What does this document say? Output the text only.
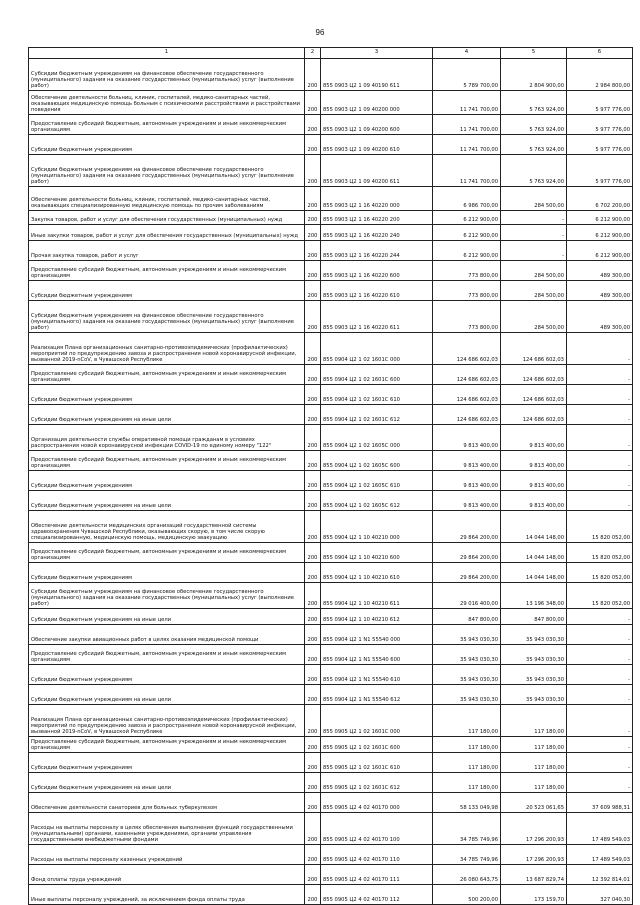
96
1	2	3	4	5	6
Субсидии бюджетным учреждениям на финансовое обеспечение государственного (муниципального) задания на оказание государственных (муниципальных) услуг (выполнение работ)	200	855 0903 Ц2 1 09 40190 611	5 789 700,00	2 804 900,00	2 984 800,00
Обеспечение деятельности больниц, клиник, госпиталей, медико-санитарных частей, оказывающих медицинскую помощь больным с психическими расстройствами и расстройствами поведения	200	855 0903 Ц2 1 09 40200 000	11 741 700,00	5 763 924,00	5 977 776,00
Предоставление субсидий бюджетным, автономным учреждениям и иным некоммерческим организациям	200	855 0903 Ц2 1 09 40200 600	11 741 700,00	5 763 924,00	5 977 776,00
Субсидии бюджетным учреждениям	200	855 0903 Ц2 1 09 40200 610	11 741 700,00	5 763 924,00	5 977 776,00
Субсидии бюджетным учреждениям на финансовое обеспечение государственного (муниципального) задания на оказание государственных (муниципальных) услуг (выполнение работ)	200	855 0903 Ц2 1 09 40200 611	11 741 700,00	5 763 924,00	5 977 776,00
Обеспечение деятельности больниц, клиник, госпиталей, медико-санитарных частей, оказывающих специализированную медицинскую помощь по прочим заболеваниям	200	855 0903 Ц2 1 16 40220 000	6 986 700,00	284 500,00	6 702 200,00
Закупка товаров, работ и услуг для обеспечения государственных (муниципальных) нужд	200	855 0903 Ц2 1 16 40220 200	6 212 900,00	-	6 212 900,00
Иные закупки товаров, работ и услуг для обеспечения государственных (муниципальных) нужд	200	855 0903 Ц2 1 16 40220 240	6 212 900,00	-	6 212 900,00
Прочая закупка товаров, работ и услуг	200	855 0903 Ц2 1 16 40220 244	6 212 900,00	-	6 212 900,00
Предоставление субсидий бюджетным, автономным учреждениям и иным некоммерческим организациям	200	855 0903 Ц2 1 16 40220 600	773 800,00	284 500,00	489 300,00
Субсидии бюджетным учреждениям	200	855 0903 Ц2 1 16 40220 610	773 800,00	284 500,00	489 300,00
Субсидии бюджетным учреждениям на финансовое обеспечение государственного (муниципального) задания на оказание государственных (муниципальных) услуг (выполнение работ)	200	855 0903 Ц2 1 16 40220 611	773 800,00	284 500,00	489 300,00
Реализация Плана организационных санитарно-противоэпидемических (профилактических) мероприятий по предупреждению завоза и распространения новой коронавирусной инфекции, вызванной 2019-nCoV, в Чувашской Республике	200	855 0904 Ц2 1 02 1601С 000	124 686 602,03	124 686 602,03	-
Предоставление субсидий бюджетным, автономным учреждениям и иным некоммерческим организациям	200	855 0904 Ц2 1 02 1601С 600	124 686 602,03	124 686 602,03	-
Субсидии бюджетным учреждениям	200	855 0904 Ц2 1 02 1601С 610	124 686 602,03	124 686 602,03	-
Субсидии бюджетным учреждениям на иные цели	200	855 0904 Ц2 1 02 1601С 612	124 686 602,03	124 686 602,03	-
Организация деятельности службы оперативной помощи гражданам в условиях распространения новой коронавирусной инфекции COVID-19 по единому номеру "122"	200	855 0904 Ц2 1 02 1605С 000	9 813 400,00	9 813 400,00	-
Предоставление субсидий бюджетным, автономным учреждениям и иным некоммерческим организациям	200	855 0904 Ц2 1 02 1605С 600	9 813 400,00	9 813 400,00	-
Субсидии бюджетным учреждениям	200	855 0904 Ц2 1 02 1605С 610	9 813 400,00	9 813 400,00	-
Субсидии бюджетным учреждениям на иные цели	200	855 0904 Ц2 1 02 1605С 612	9 813 400,00	9 813 400,00	-
Обеспечение деятельности медицинских организаций государственной системы здравоохранения Чувашской Республики, оказывающих скорую, в том числе скорую специализированную, медицинскую помощь, медицинскую эвакуацию	200	855 0904 Ц2 1 10 40210 000	29 864 200,00	14 044 148,00	15 820 052,00
Предоставление субсидий бюджетным, автономным учреждениям и иным некоммерческим организациям	200	855 0904 Ц2 1 10 40210 600	29 864 200,00	14 044 148,00	15 820 052,00
Субсидии бюджетным учреждениям	200	855 0904 Ц2 1 10 40210 610	29 864 200,00	14 044 148,00	15 820 052,00
Субсидии бюджетным учреждениям на финансовое обеспечение государственного (муниципального) задания на оказание государственных (муниципальных) услуг (выполнение работ)	200	855 0904 Ц2 1 10 40210 611	29 016 400,00	13 196 348,00	15 820 052,00
Субсидии бюджетным учреждениям на иные цели	200	855 0904 Ц2 1 10 40210 612	847 800,00	847 800,00	-
Обеспечение закупки авиационных работ в целях оказания медицинской помощи	200	855 0904 Ц2 1 N1 55540 000	35 943 030,30	35 943 030,30	-
Предоставление субсидий бюджетным, автономным учреждениям и иным некоммерческим организациям	200	855 0904 Ц2 1 N1 55540 600	35 943 030,30	35 943 030,30	-
Субсидии бюджетным учреждениям	200	855 0904 Ц2 1 N1 55540 610	35 943 030,30	35 943 030,30	-
Субсидии бюджетным учреждениям на иные цели	200	855 0904 Ц2 1 N1 55540 612	35 943 030,30	35 943 030,30	-
Реализация Плана организационных санитарно-противоэпидемических (профилактических) мероприятий по предупреждению завоза и распространения новой коронавирусной инфекции, вызванной 2019-nCoV, в Чувашской Республике	200	855 0905 Ц2 1 02 1601С 000	117 180,00	117 180,00	-
Предоставление субсидий бюджетным, автономным учреждениям и иным некоммерческим организациям	200	855 0905 Ц2 1 02 1601С 600	117 180,00	117 180,00	-
Субсидии бюджетным учреждениям	200	855 0905 Ц2 1 02 1601С 610	117 180,00	117 180,00	-
Субсидии бюджетным учреждениям на иные цели	200	855 0905 Ц2 1 02 1601С 612	117 180,00	117 180,00	-
Обеспечение деятельности санаториев для больных туберкулезом	200	855 0905 Ц2 4 02 40170 000	58 133 049,98	20 523 061,65	37 609 988,31
Расходы на выплаты персоналу в целях обеспечения выполнения функций государственными (муниципальными) органами, казенными учреждениями, органами управления государственными внебюджетными фондами	200	855 0905 Ц2 4 02 40170 100	34 785 749,96	17 296 200,93	17 489 549,03
Расходы на выплаты персоналу казенных учреждений	200	855 0905 Ц2 4 02 40170 110	34 785 749,96	17 296 200,93	17 489 549,03
Фонд оплаты труда учреждений	200	855 0905 Ц2 4 02 40170 111	26 080 643,75	13 687 829,74	12 392 814,01
Иные выплаты персоналу учреждений, за исключением фонда оплаты труда	200	855 0905 Ц2 4 02 40170 112	500 200,00	173 159,70	327 040,30
